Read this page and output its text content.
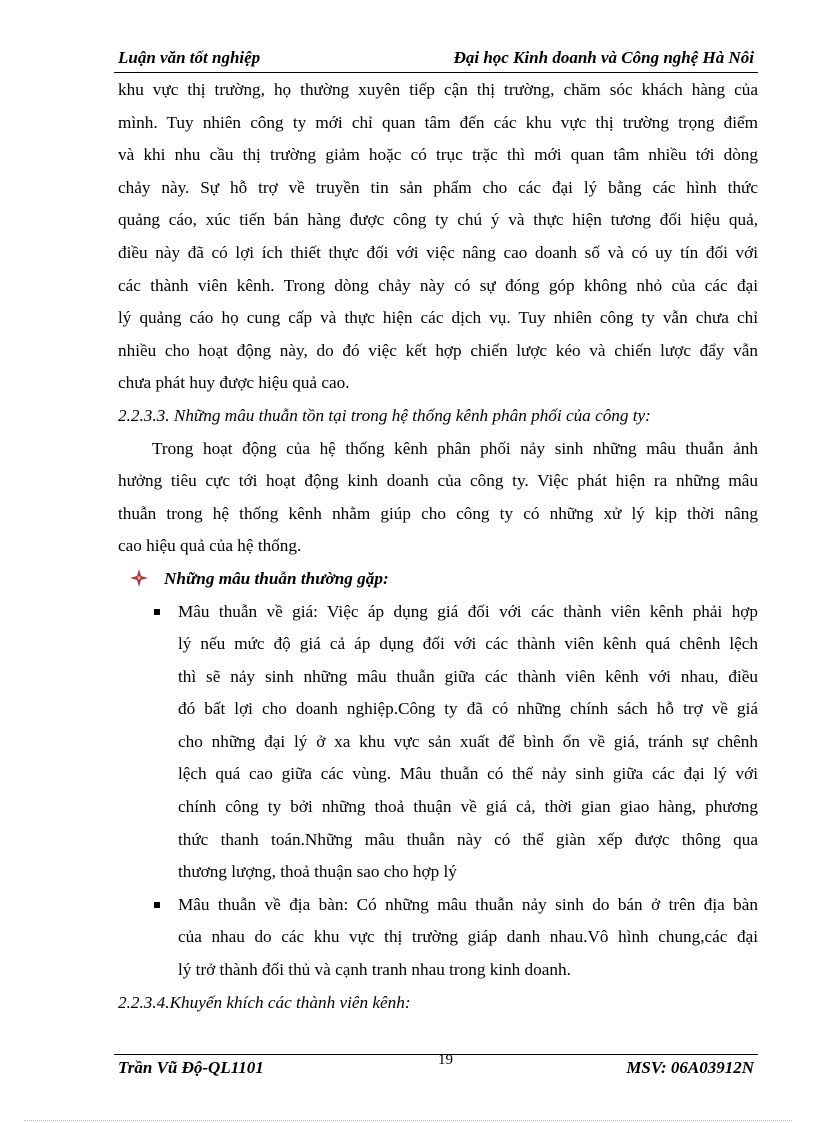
Luận văn tốt nghiệp	Đại học Kinh doanh và Công nghệ Hà Nôi
khu vực thị trường, họ thường xuyên tiếp cận thị trường, chăm sóc khách hàng của
mình. Tuy nhiên công ty mới chỉ quan tâm đến các khu vực thị trường trọng điểm
và khi nhu cầu thị trường giảm hoặc có trục trặc thì mới quan tâm nhiều tới dòng
chảy này. Sự hỗ trợ về truyền tin sản phẩm cho các đại lý bằng các hình thức
quảng cáo, xúc tiến bán hàng được công ty chú ý và thực hiện tương đối hiệu quả,
điều này đã có lợi ích thiết thực đối với việc nâng cao doanh số và có uy tín đối với
các thành viên kênh. Trong dòng chảy này có sự đóng góp không nhỏ của các đại
lý quảng cáo họ cung cấp và thực hiện các dịch vụ. Tuy nhiên công ty vẫn chưa chỉ
nhiều cho hoạt động này, do đó việc kết hợp chiến lược kéo và chiến lược đẩy vẫn
chưa phát huy được hiệu quả cao.
2.2.3.3. Những mâu thuẫn tồn tại trong hệ thống kênh phân phối của công ty:
Trong hoạt động của hệ thống kênh phân phối nảy sinh những mâu thuẫn ảnh
hưởng tiêu cực tới hoạt động kinh doanh của công ty. Việc phát hiện ra những mâu
thuẫn trong hệ thống kênh nhằm giúp cho công ty có những xử lý kịp thời nâng
cao hiệu quả của hệ thống.
Những mâu thuẫn thường gặp:
Mâu thuẫn về giá: Việc áp dụng giá đối với các thành viên kênh phải hợp
lý nếu mức độ giá cả áp dụng đối với các thành viên kênh quá chênh lệch
thì sẽ nảy sinh những mâu thuẫn giữa các thành viên kênh với nhau, điều
đó bất lợi cho doanh nghiệp.Công ty đã có những chính sách hỗ trợ về giá
cho những đại lý ở xa khu vực sản xuất để bình ổn về giá, tránh sự chênh
lệch quá cao giữa các vùng. Mâu thuẫn có thể nảy sinh giữa các đại lý với
chính công ty bởi những thoả thuận về giá cả, thời gian giao hàng, phương
thức thanh toán.Những mâu thuẫn này có thể giàn xếp được thông qua
thương lượng, thoả thuận sao cho hợp lý
Mâu thuẫn về địa bàn: Có những mâu thuẫn nảy sinh do bán ở trên địa bàn
của nhau do các khu vực thị trường giáp danh nhau.Vô hình chung,các đại
lý trở thành đối thủ và cạnh tranh nhau trong kinh doanh.
2.2.3.4.Khuyến khích các thành viên kênh:
Trần Vũ Độ-QL1101	19	MSV: 06A03912N
